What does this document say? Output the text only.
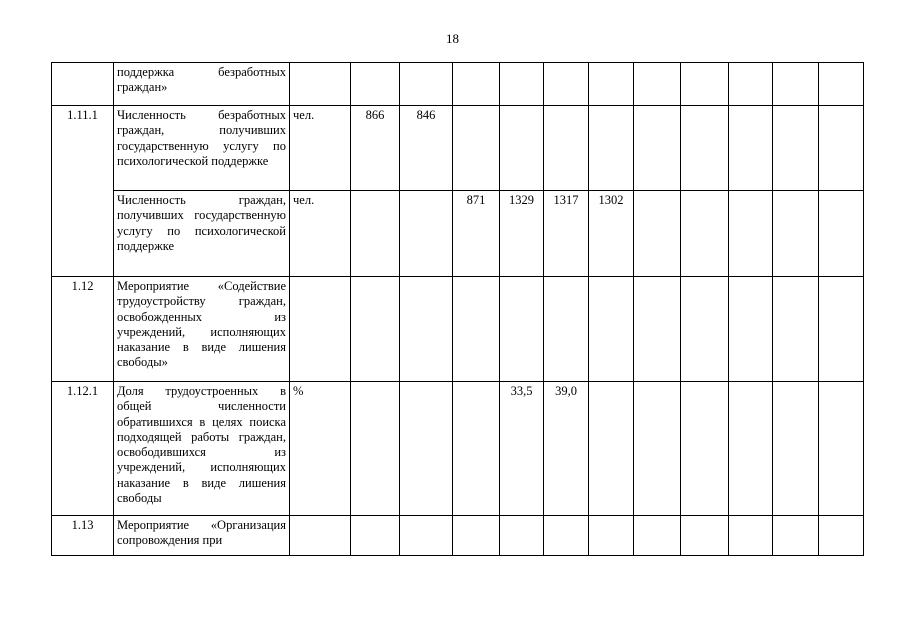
18
	поддержка безработных граждан»												
1.11.1	Численность безработных граждан, получивших государственную услугу по психологической поддержке	чел.	866	846									
	Численность граждан, получивших государственную услугу по психологической поддержке	чел.			871	1329	1317	1302					
1.12	Мероприятие «Содействие трудоустройству граждан, освобожденных из учреждений, исполняющих наказание в виде лишения свободы»												
1.12.1	Доля трудоустроенных в общей численности обратившихся в целях поиска подходящей работы граждан, освободившихся из учреждений, исполняющих наказание в виде лишения свободы	%				33,5	39,0						
1.13	Мероприятие «Организация сопровождения при												
